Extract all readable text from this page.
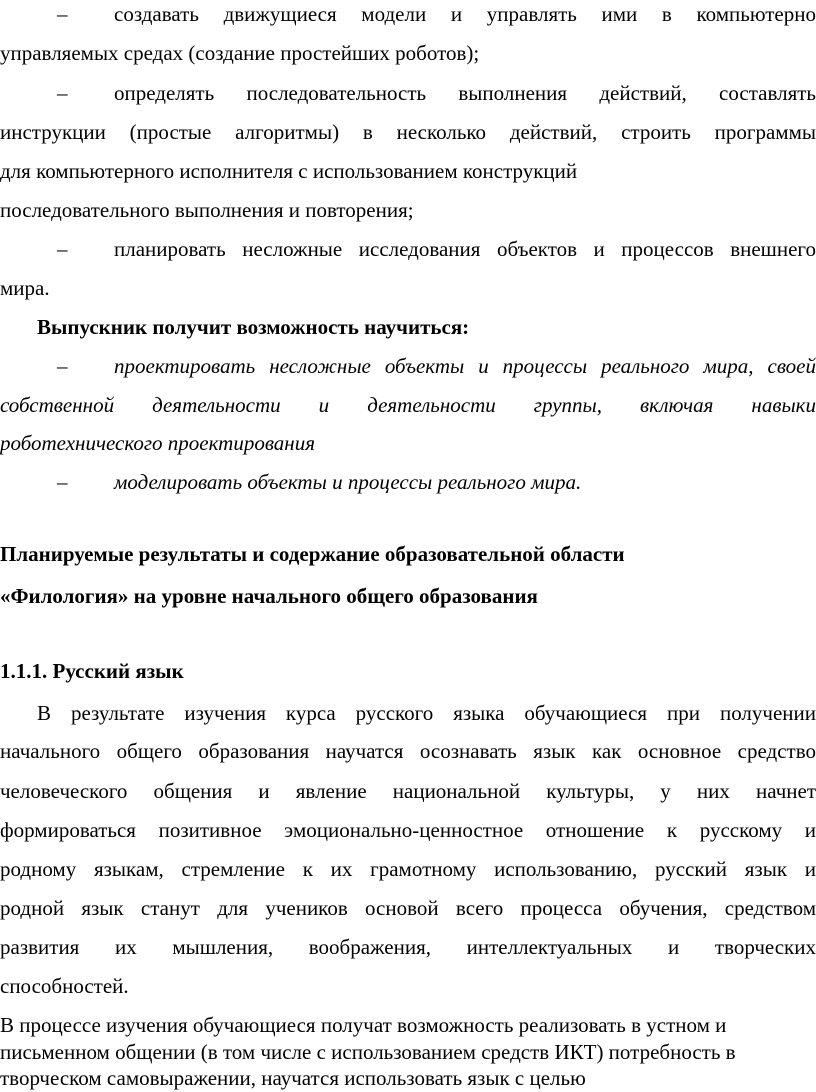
–	создавать движущиеся модели и управлять ими в компьютерно
управляемых средах (создание простейших роботов);
–	определять последовательность выполнения действий, составлять
инструкции (простые алгоритмы) в несколько действий, строить программы
для компьютерного исполнителя с использованием конструкций
последовательного выполнения и повторения;
–	планировать несложные исследования объектов и процессов внешнего
мира.
Выпускник получит возможность научиться:
–	проектировать несложные объекты и процессы реального мира, своей
собственной деятельности и деятельности группы, включая навыки
роботехнического проектирования
–	моделировать объекты и процессы реального мира.
Планируемые результаты и содержание образовательной области
«Филология» на уровне начального общего образования
1.1.1. Русский язык
В результате изучения курса русского языка обучающиеся при получении
начального общего образования научатся осознавать язык как основное средство
человеческого общения и явление национальной культуры, у них начнет
формироваться позитивное эмоционально-ценностное отношение к русскому и
родному языкам, стремление к их грамотному использованию, русский язык и
родной язык станут для учеников основой всего процесса обучения, средством
развития их мышления, воображения, интеллектуальных и творческих
способностей.
В процессе изучения обучающиеся получат возможность реализовать в устном и
письменном общении (в том числе с использованием средств ИКТ) потребность в
творческом самовыражении, научатся использовать язык с целью
